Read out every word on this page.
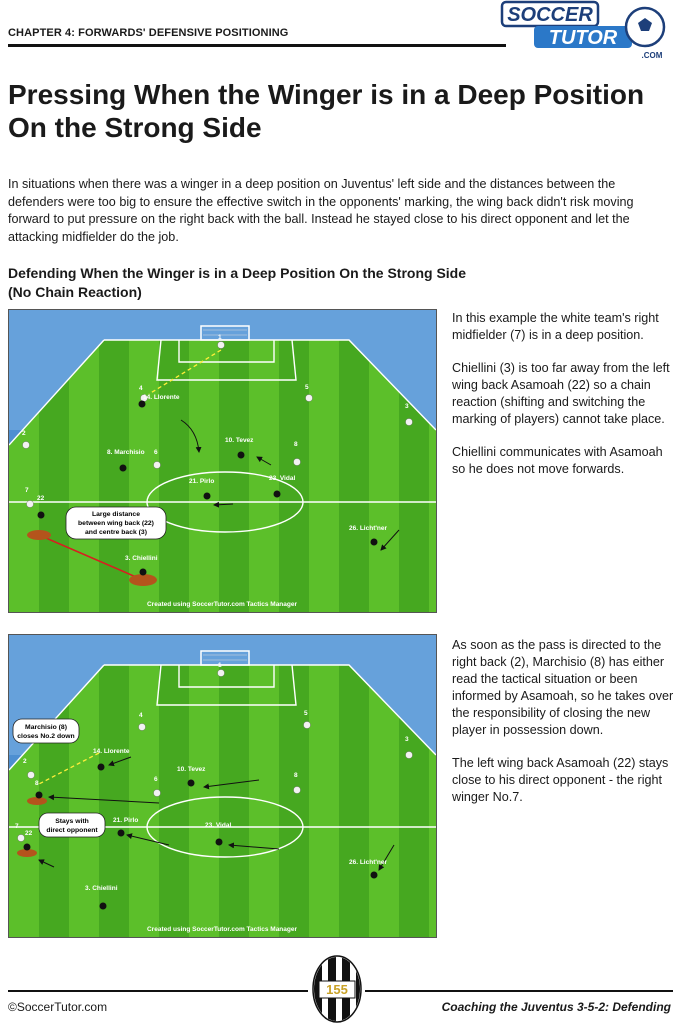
CHAPTER 4: FORWARDS' DEFENSIVE POSITIONING
SOCCER
TUTOR
.COM
Pressing When the Winger is in a Deep Position On the Strong Side
In situations when there was a winger in a deep position on Juventus' left side and the distances between the defenders were too big to ensure the effective switch in the opponents' marking, the wing back didn't risk moving forward to put pressure on the right back with the ball. Instead he stayed close to his direct opponent and let the attacking midfielder do the job.
Defending When the Winger is in a Deep Position On the Strong Side
(No Chain Reaction)
14. Llorente
10. Tevez
8. Marchisio
21. Pirlo	23. Vidal
26. Licht'ner
3. Chiellini
2
7
22
6
8
5
4
3
1
Large distance
between wing back (22)
and centre back (3)
Created using SoccerTutor.com Tactics Manager

In this example the white team's right midfielder (7) is in a deep position.

Chiellini (3) is too far away from the left wing back Asamoah (22) so a chain reaction (shifting and switching the marking of players) cannot take place.

Chiellini communicates with Asamoah so he does not move forwards.

14. Llorente
10. Tevez
21. Pirlo
23. Vidal
26. Licht'ner
3. Chiellini
2
7
8
22
6
8
5
4
3
1
Marchisio (8)
closes No.2 down
Stays with
direct opponent
Created using SoccerTutor.com Tactics Manager

As soon as the pass is directed to the right back (2), Marchisio (8) has either read the tactical situation or been informed by Asamoah, so he takes over the responsibility of closing the new player in possession down.

The left wing back Asamoah (22) stays close to his direct opponent - the right winger No.7.

155
©SoccerTutor.com	Coaching the Juventus 3-5-2: Defending
